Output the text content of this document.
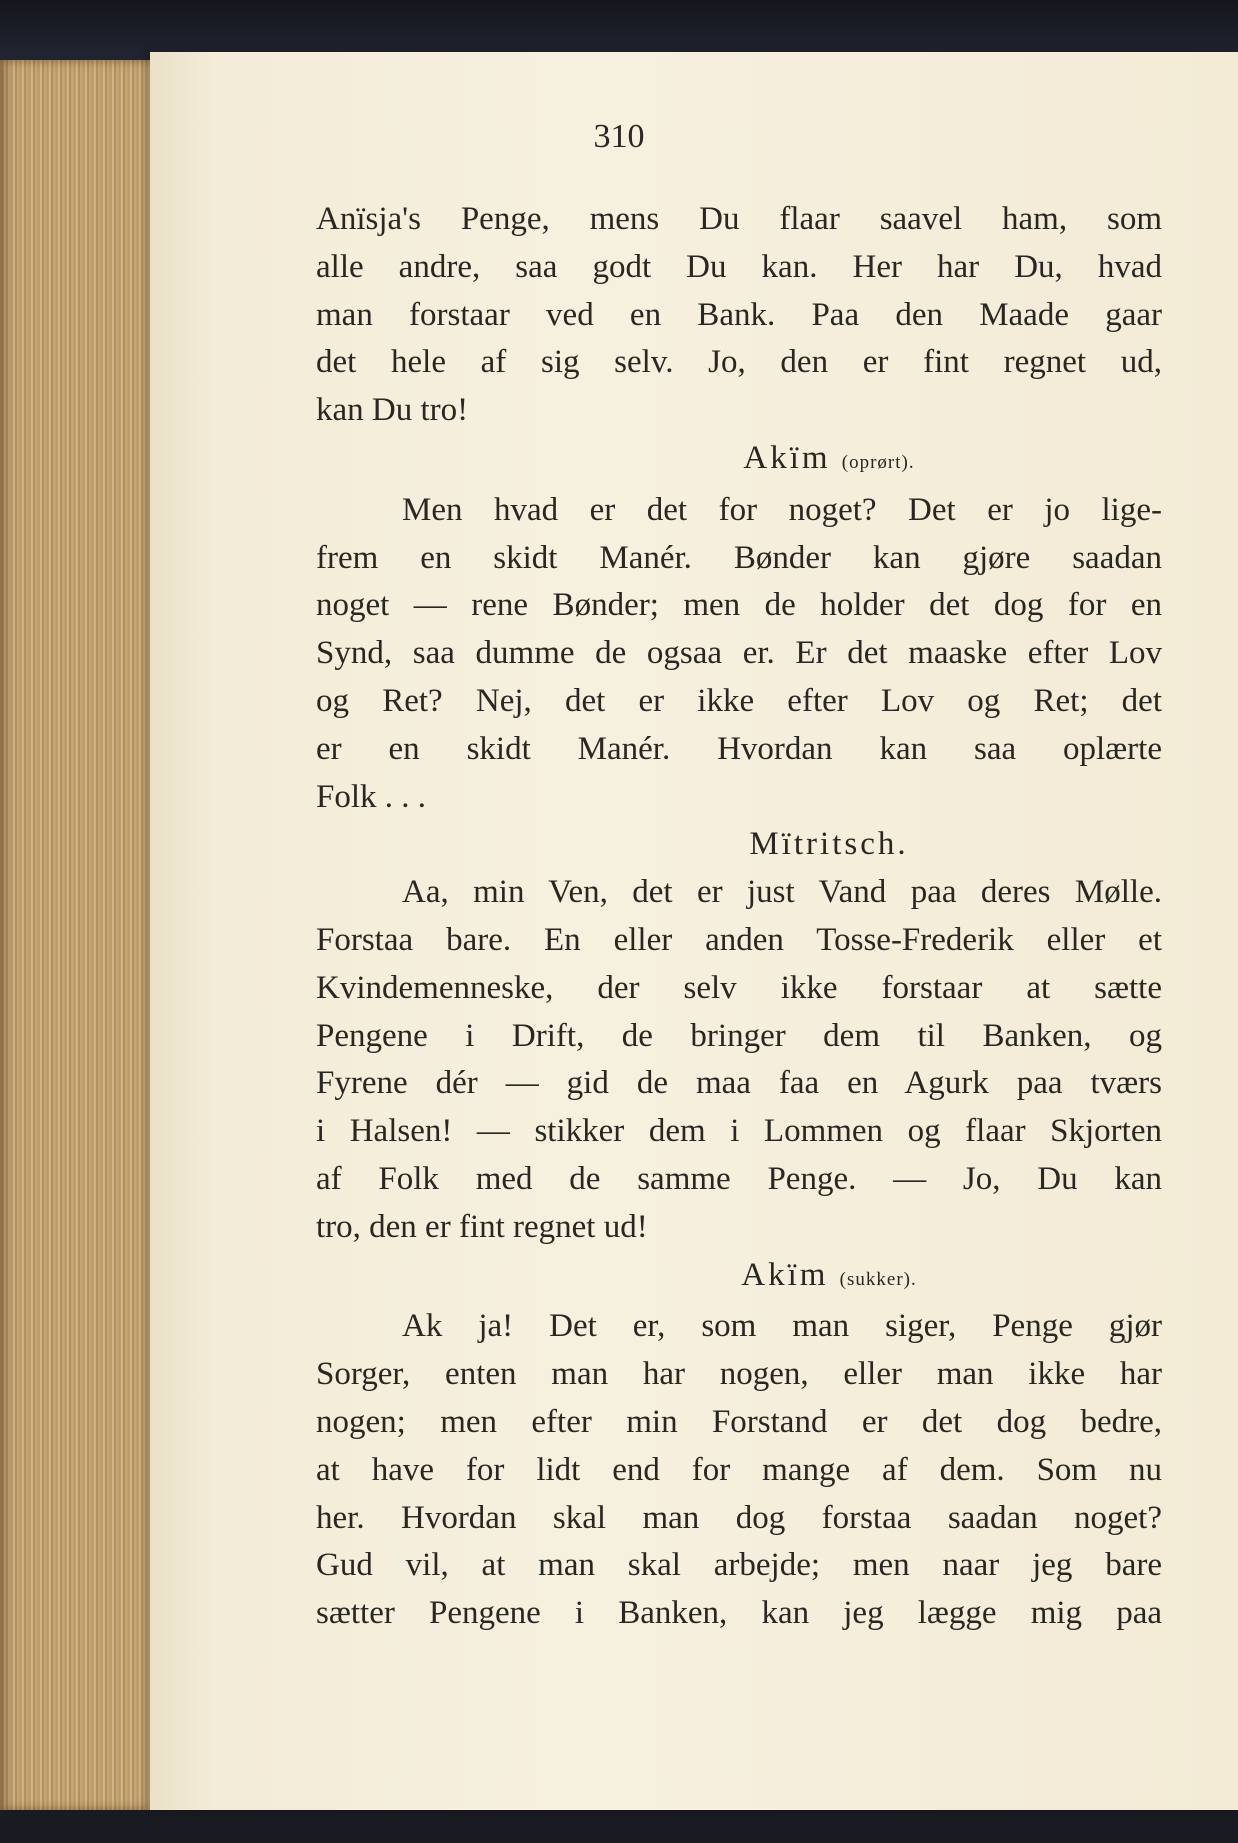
310
Anïsja's Penge, mens Du flaar saavel ham, som
alle andre, saa godt Du kan. Her har Du, hvad
man forstaar ved en Bank. Paa den Maade gaar
det hele af sig selv. Jo, den er fint regnet ud,
kan Du tro!
Akïm (oprørt).
Men hvad er det for noget? Det er jo lige-
frem en skidt Manér. Bønder kan gjøre saadan
noget — rene Bønder; men de holder det dog for en
Synd, saa dumme de ogsaa er. Er det maaske efter Lov
og Ret? Nej, det er ikke efter Lov og Ret; det
er en skidt Manér. Hvordan kan saa oplærte
Folk . . .
Mïtritsch.
Aa, min Ven, det er just Vand paa deres Mølle.
Forstaa bare. En eller anden Tosse-Frederik eller et
Kvindemenneske, der selv ikke forstaar at sætte
Pengene i Drift, de bringer dem til Banken, og
Fyrene dér — gid de maa faa en Agurk paa tværs
i Halsen! — stikker dem i Lommen og flaar Skjorten
af Folk med de samme Penge. — Jo, Du kan
tro, den er fint regnet ud!
Akïm (sukker).
Ak ja! Det er, som man siger, Penge gjør
Sorger, enten man har nogen, eller man ikke har
nogen; men efter min Forstand er det dog bedre,
at have for lidt end for mange af dem. Som nu
her. Hvordan skal man dog forstaa saadan noget?
Gud vil, at man skal arbejde; men naar jeg bare
sætter Pengene i Banken, kan jeg lægge mig paa
